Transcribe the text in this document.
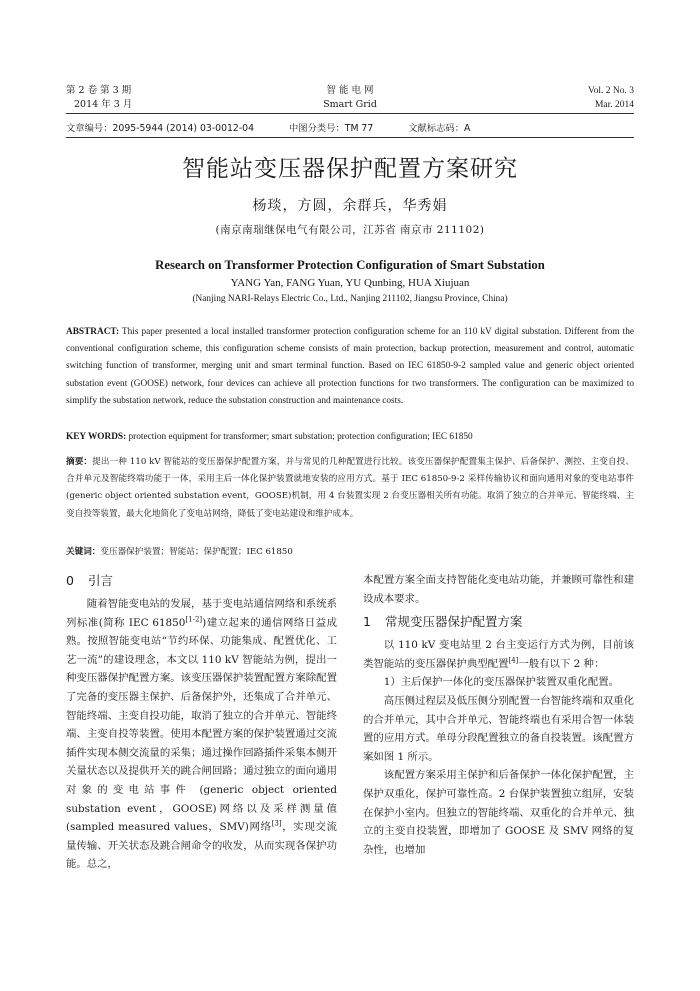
第 2 卷 第 3 期
2014 年 3 月
智 能 电 网
Smart Grid
Vol. 2 No. 3
Mar. 2014
文章编号：2095-5944 (2014) 03-0012-04	中图分类号：TM 77	文献标志码：A
智能站变压器保护配置方案研究
杨琰，方圆，余群兵，华秀娟
(南京南瑞继保电气有限公司，江苏省 南京市 211102)
Research on Transformer Protection Configuration of Smart Substation
YANG Yan, FANG Yuan, YU Qunbing, HUA Xiujuan
(Nanjing NARI-Relays Electric Co., Ltd., Nanjing 211102, Jiangsu Province, China)
ABSTRACT: This paper presented a local installed transformer protection configuration scheme for an 110 kV digital substation. Different from the conventional configuration scheme, this configuration scheme consists of main protection, backup protection, measurement and control, automatic switching function of transformer, merging unit and smart terminal function. Based on IEC 61850-9-2 sampled value and generic object oriented substation event (GOOSE) network, four devices can achieve all protection functions for two transformers. The configuration can be maximized to simplify the substation network, reduce the substation construction and maintenance costs.
KEY WORDS: protection equipment for transformer; smart substation; protection configuration; IEC 61850
摘要：提出一种 110 kV 智能站的变压器保护配置方案，并与常见的几种配置进行比较。该变压器保护配置集主保护、后备保护、测控、主变自投、合并单元及智能终端功能于一体，采用主后一体化保护装置就地安装的应用方式。基于 IEC 61850-9-2 采样传输协议和面向通用对象的变电站事件(generic object oriented substation event，GOOSE)机制，用 4 台装置实现 2 台变压器相关所有功能。取消了独立的合并单元、智能终端、主变自投等装置，最大化地简化了变电站网络，降低了变电站建设和维护成本。
关键词：变压器保护装置；智能站；保护配置；IEC 61850
0 引言

随着智能变电站的发展，基于变电站通信网络和系统系列标准(简称 IEC 61850[1-2])建立起来的通信网络日益成熟。按照智能变电站“节约环保、功能集成、配置优化、工艺一流”的建设理念，本文以 110 kV 智能站为例，提出一种变压器保护配置方案。该变压器保护装置配置方案除配置了完备的变压器主保护、后备保护外，还集成了合并单元、智能终端、主变自投功能，取消了独立的合并单元、智能终端、主变自投等装置。使用本配置方案的保护装置通过交流插件实现本侧交流量的采集；通过操作回路插件采集本侧开关量状态以及提供开关的跳合闸回路；通过独立的面向通用对象的变电站事件 (generic object oriented substation event，GOOSE)网络以及采样测量值(sampled measured values，SMV)网络[3]，实现交流量传输、开关状态及跳合闸命令的收发，从而实现各保护功能。总之，

本配置方案全面支持智能化变电站功能，并兼顾可靠性和建设成本要求。

1 常规变压器保护配置方案

以 110 kV 变电站里 2 台主变运行方式为例，目前该类智能站的变压器保护典型配置[4]一般有以下 2 种：

1）主后保护一体化的变压器保护装置双重化配置。

高压侧过程层及低压侧分别配置一台智能终端和双重化的合并单元，其中合并单元、智能终端也有采用合智一体装置的应用方式。单母分段配置独立的备自投装置。该配置方案如图 1 所示。

该配置方案采用主保护和后备保护一体化保护配置，主保护双重化，保护可靠性高。2 台保护装置独立组屏，安装在保护小室内。但独立的智能终端、双重化的合并单元、独立的主变自投装置，即增加了 GOOSE 及 SMV 网络的复杂性，也增加
